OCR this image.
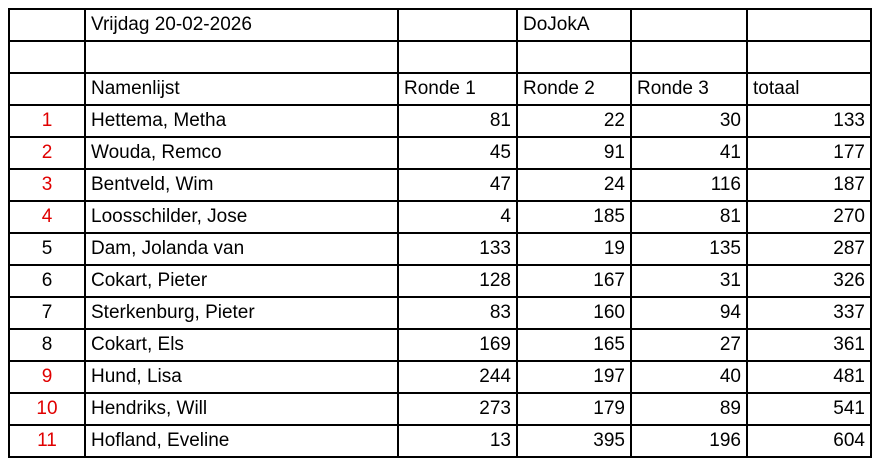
	Vrijdag 20-02-2026		DoJokA		

	Namenlijst	Ronde 1	Ronde 2	Ronde 3	totaal
1	Hettema, Metha	81	22	30	133
2	Wouda, Remco	45	91	41	177
3	Bentveld, Wim	47	24	116	187
4	Loosschilder, Jose	4	185	81	270
5	Dam, Jolanda van	133	19	135	287
6	Cokart, Pieter	128	167	31	326
7	Sterkenburg, Pieter	83	160	94	337
8	Cokart, Els	169	165	27	361
9	Hund, Lisa	244	197	40	481
10	Hendriks, Will	273	179	89	541
11	Hofland, Eveline	13	395	196	604
